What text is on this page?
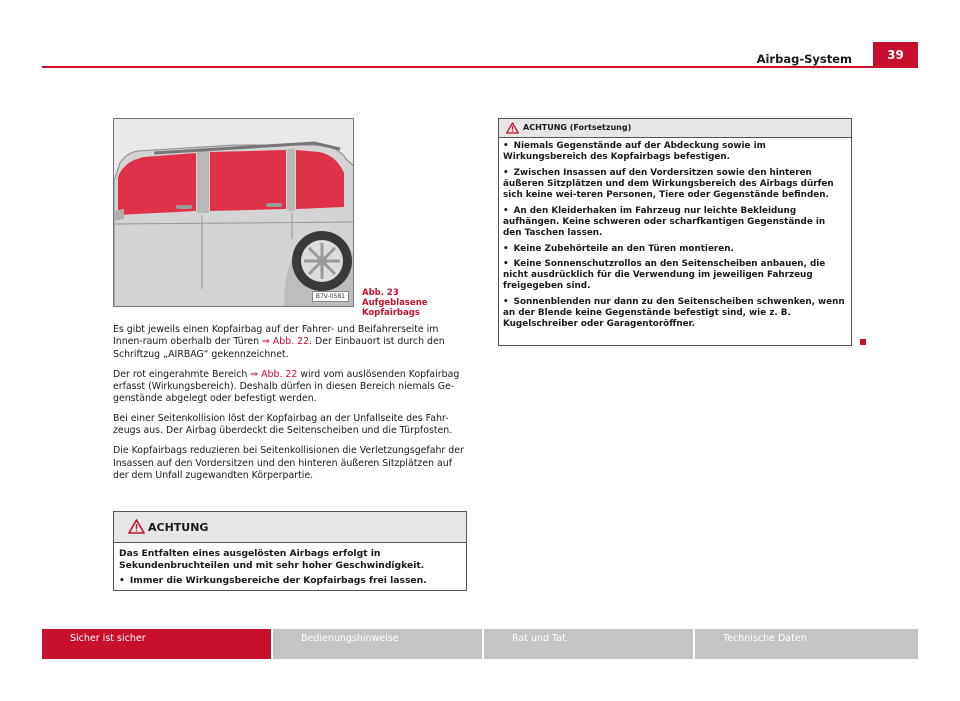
Airbag-System	39
B7V-0581	Abb. 23 Aufgeblasene
Kopfairbags

Es gibt jeweils einen Kopfairbag auf der Fahrer- und Beifahrerseite im Innen-raum oberhalb der Türen ⇒ Abb. 22. Der Einbauort ist durch den Schriftzug „AIRBAG“ gekennzeichnet.

Der rot eingerahmte Bereich ⇒ Abb. 22 wird vom auslösenden Kopfairbag erfasst (Wirkungsbereich). Deshalb dürfen in diesen Bereich niemals Ge-genstände abgelegt oder befestigt werden.

Bei einer Seitenkollision löst der Kopfairbag an der Unfallseite des Fahr-zeugs aus. Der Airbag überdeckt die Seitenscheiben und die Türpfosten.

Die Kopfairbags reduzieren bei Seitenkollisionen die Verletzungsgefahr der Insassen auf den Vordersitzen und den hinteren äußeren Sitzplätzen auf der dem Unfall zugewandten Körperpartie.

ACHTUNG
Das Entfalten eines ausgelösten Airbags erfolgt in Sekundenbruchteilen und mit sehr hoher Geschwindigkeit.
• Immer die Wirkungsbereiche der Kopfairbags frei lassen.
ACHTUNG (Fortsetzung)

• Niemals Gegenstände auf der Abdeckung sowie im Wirkungsbereich des Kopfairbags befestigen.

• Zwischen Insassen auf den Vordersitzen sowie den hinteren äußeren Sitzplätzen und dem Wirkungsbereich des Airbags dürfen sich keine wei-teren Personen, Tiere oder Gegenstände befinden.

• An den Kleiderhaken im Fahrzeug nur leichte Bekleidung aufhängen. Keine schweren oder scharfkantigen Gegenstände in den Taschen lassen.

• Keine Zubehörteile an den Türen montieren.

• Keine Sonnenschutzrollos an den Seitenscheiben anbauen, die nicht ausdrücklich für die Verwendung im jeweiligen Fahrzeug freigegeben sind.

• Sonnenblenden nur dann zu den Seitenscheiben schwenken, wenn an der Blende keine Gegenstände befestigt sind, wie z. B. Kugelschreiber oder Garagentoröffner.

Sicher ist sicher	Bedienungshinweise	Rat und Tat	Technische Daten
